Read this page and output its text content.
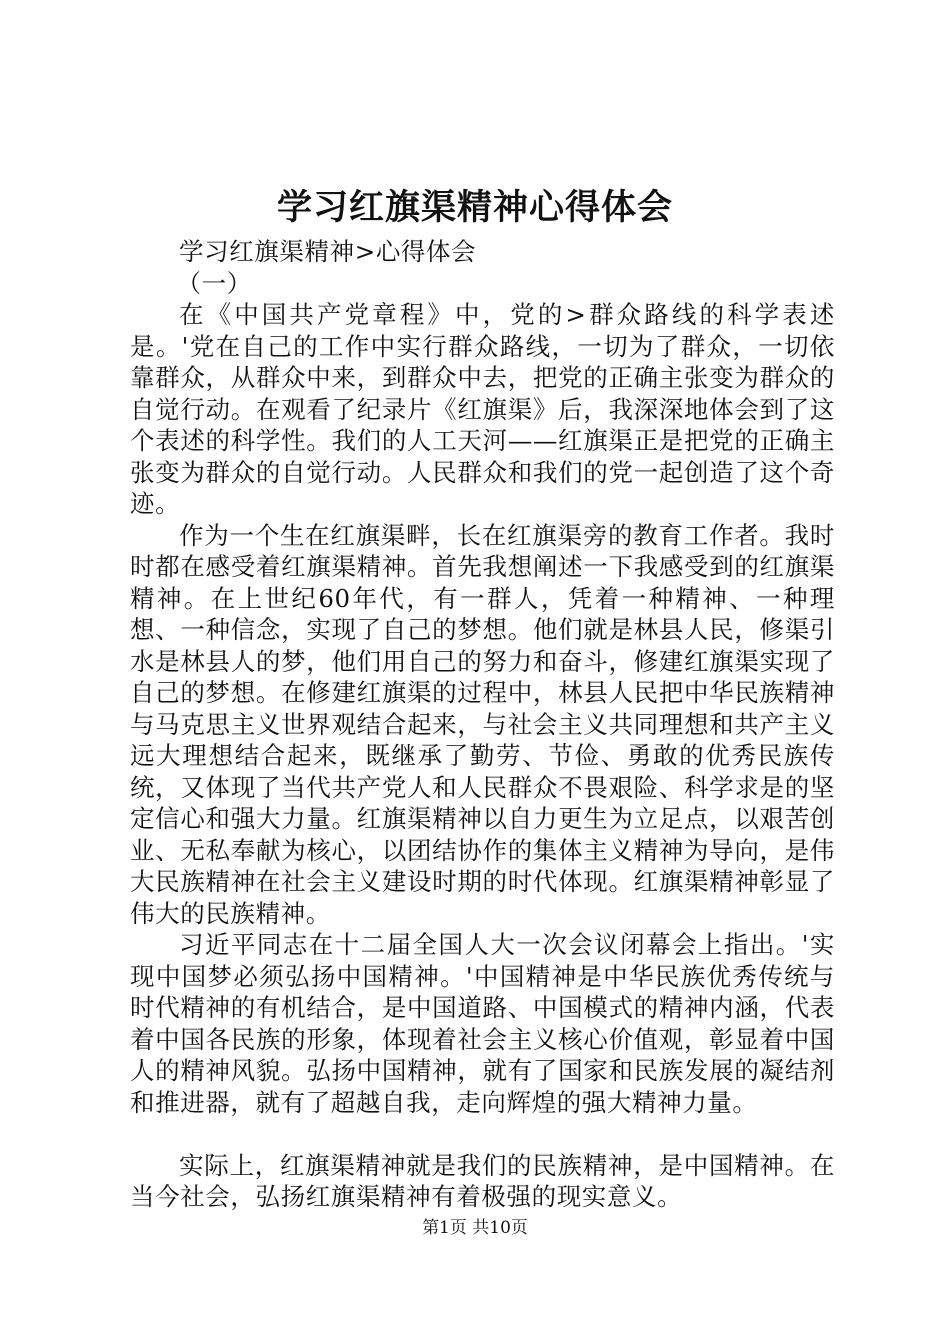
学习红旗渠精神心得体会

学习红旗渠精神>心得体会

（一）

在《中国共产党章程》中，党的>群众路线的科学表述是。'党在自己的工作中实行群众路线，一切为了群众，一切依靠群众，从群众中来，到群众中去，把党的正确主张变为群众的自觉行动。在观看了纪录片《红旗渠》后，我深深地体会到了这个表述的科学性。我们的人工天河——红旗渠正是把党的正确主张变为群众的自觉行动。人民群众和我们的党一起创造了这个奇迹。

作为一个生在红旗渠畔，长在红旗渠旁的教育工作者。我时时都在感受着红旗渠精神。首先我想阐述一下我感受到的红旗渠精神。在上世纪60年代，有一群人，凭着一种精神、一种理想、一种信念，实现了自己的梦想。他们就是林县人民，修渠引水是林县人的梦，他们用自己的努力和奋斗，修建红旗渠实现了自己的梦想。在修建红旗渠的过程中，林县人民把中华民族精神与马克思主义世界观结合起来，与社会主义共同理想和共产主义远大理想结合起来，既继承了勤劳、节俭、勇敢的优秀民族传统，又体现了当代共产党人和人民群众不畏艰险、科学求是的坚定信心和强大力量。红旗渠精神以自力更生为立足点，以艰苦创业、无私奉献为核心，以团结协作的集体主义精神为导向，是伟大民族精神在社会主义建设时期的时代体现。红旗渠精神彰显了伟大的民族精神。

习近平同志在十二届全国人大一次会议闭幕会上指出。'实现中国梦必须弘扬中国精神。'中国精神是中华民族优秀传统与时代精神的有机结合，是中国道路、中国模式的精神内涵，代表着中国各民族的形象，体现着社会主义核心价值观，彰显着中国人的精神风貌。弘扬中国精神，就有了国家和民族发展的凝结剂和推进器，就有了超越自我，走向辉煌的强大精神力量。

实际上，红旗渠精神就是我们的民族精神，是中国精神。在当今社会，弘扬红旗渠精神有着极强的现实意义。

第1页 共10页
